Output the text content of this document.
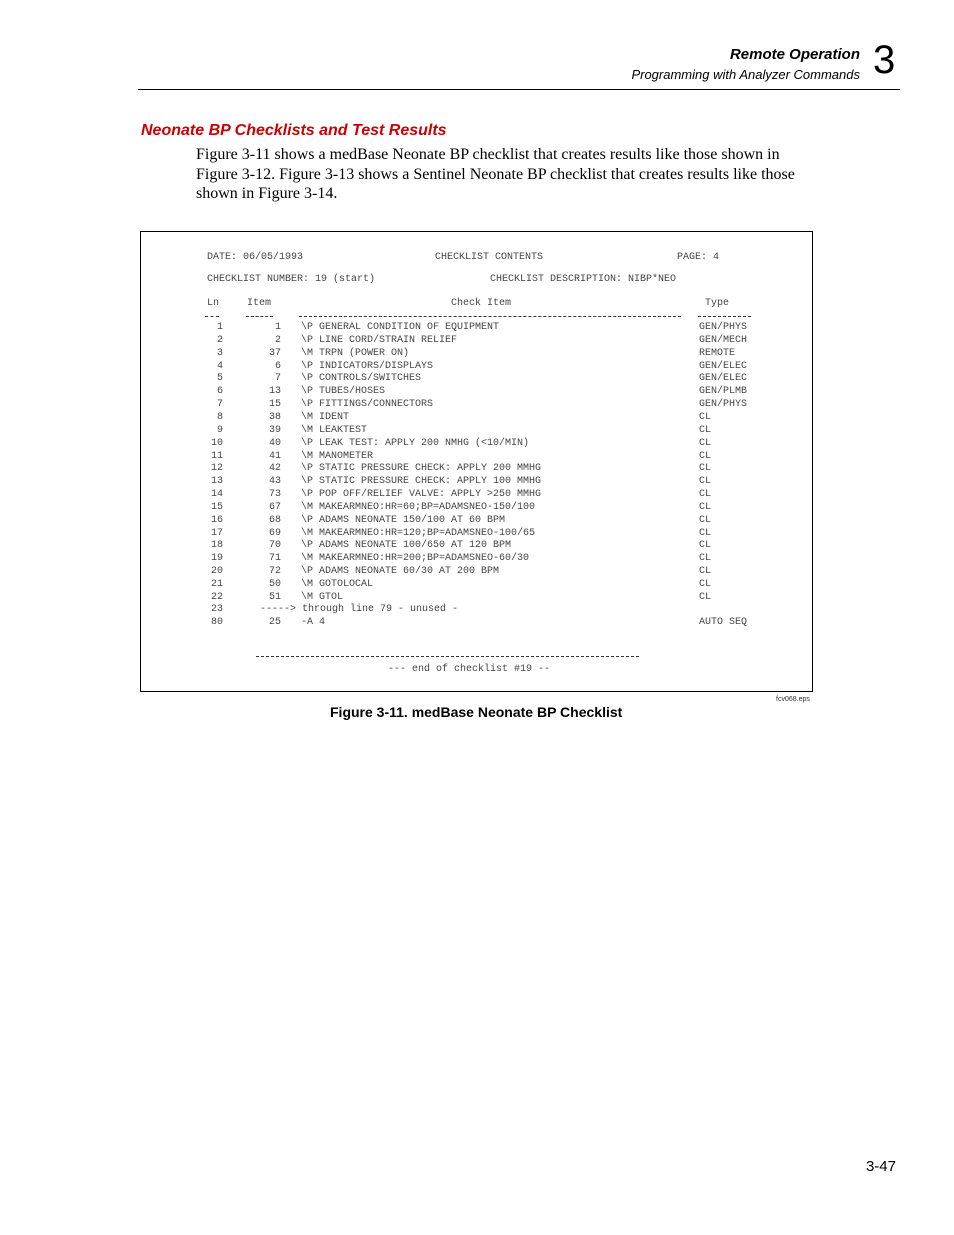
Remote Operation
Programming with Analyzer Commands 3
Neonate BP Checklists and Test Results

Figure 3-11 shows a medBase Neonate BP checklist that creates results like those shown in Figure 3-12. Figure 3-13 shows a Sentinel Neonate BP checklist that creates results like those shown in Figure 3-14.

DATE: 06/05/1993	CHECKLIST CONTENTS	PAGE: 4
CHECKLIST NUMBER: 19 (start)	CHECKLIST DESCRIPTION: NIBP*NEO
Ln	Item	Check Item	Type
1	1 \P GENERAL CONDITION OF EQUIPMENT	GEN/PHYS
2	2 \P LINE CORD/STRAIN RELIEF	GEN/MECH
3	37 \M TRPN (POWER ON)	REMOTE
4	6 \P INDICATORS/DISPLAYS	GEN/ELEC
5	7 \P CONTROLS/SWITCHES	GEN/ELEC
6	13 \P TUBES/HOSES	GEN/PLMB
7	15 \P FITTINGS/CONNECTORS	GEN/PHYS
8	38 \M IDENT	CL
9	39 \M LEAKTEST	CL
10	40 \P LEAK TEST: APPLY 200 NMHG (<10/MIN)	CL
11	41 \M MANOMETER	CL
12	42 \P STATIC PRESSURE CHECK: APPLY 200 MMHG	CL
13	43 \P STATIC PRESSURE CHECK: APPLY 100 MMHG	CL
14	73 \P POP OFF/RELIEF VALVE: APPLY >250 MMHG	CL
15	67 \M MAKEARMNEO:HR=60;BP=ADAMSNEO-150/100	CL
16	68 \P ADAMS NEONATE 150/100 AT 60 BPM	CL
17	69 \M MAKEARMNEO:HR=120;BP=ADAMSNEO-100/65	CL
18	70 \P ADAMS NEONATE 100/650 AT 120 BPM	CL
19	71 \M MAKEARMNEO:HR=200;BP=ADAMSNEO-60/30	CL
20	72 \P ADAMS NEONATE 60/30 AT 200 BPM	CL
21	50 \M GOTOLOCAL	CL
22	51 \M GTOL	CL
23	-----> through line 79 - unused -
80	25 -A 4	AUTO SEQ
--- end of checklist #19 --
fcv068.eps
Figure 3-11. medBase Neonate BP Checklist
3-47
